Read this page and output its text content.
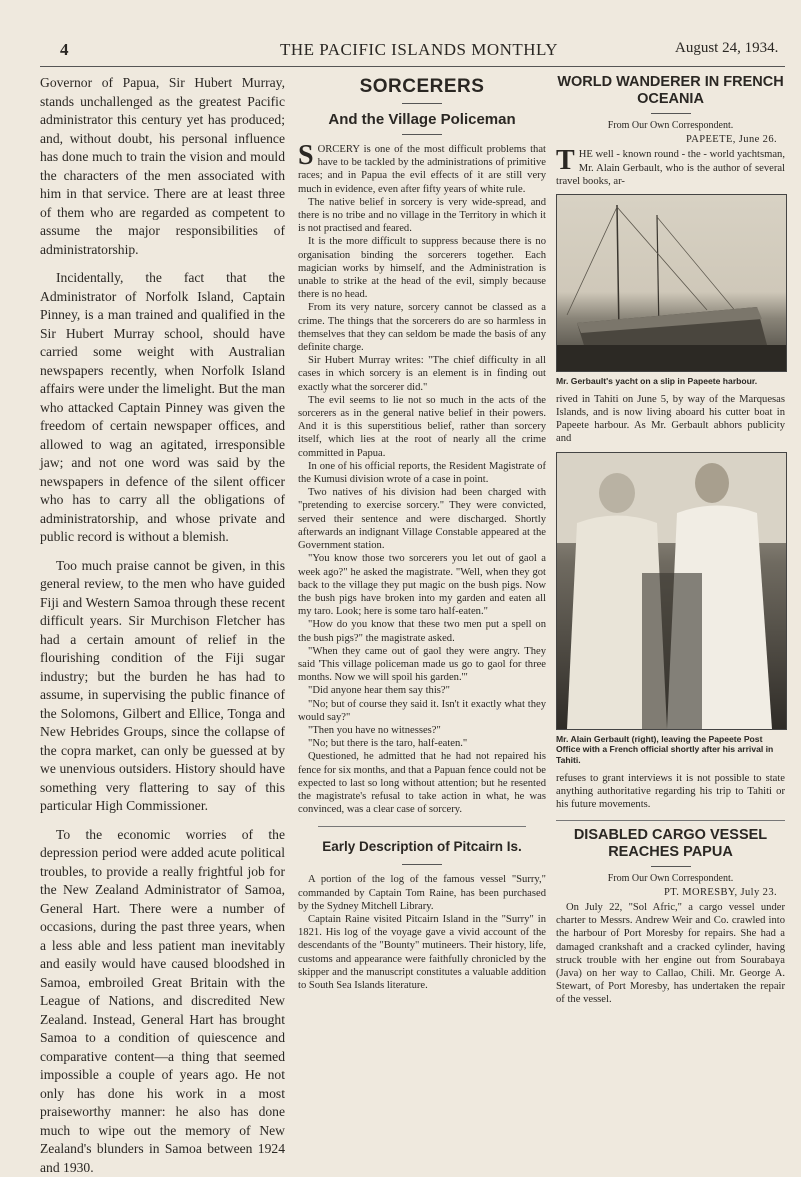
4	THE PACIFIC ISLANDS MONTHLY	August 24, 1934.

Governor of Papua, Sir Hubert Murray, stands unchallenged as the greatest Pacific administrator this century yet has produced; and, without doubt, his personal influence has done much to train the vision and mould the characters of the men associated with him in that service. There are at least three of them who are regarded as competent to assume the major responsibilities of administratorship.

Incidentally, the fact that the Administrator of Norfolk Island, Captain Pinney, is a man trained and qualified in the Sir Hubert Murray school, should have carried some weight with Australian newspapers recently, when Norfolk Island affairs were under the limelight. But the man who attacked Captain Pinney was given the freedom of certain newspaper offices, and allowed to wag an agitated, irresponsible jaw; and not one word was said by the newspapers in defence of the silent officer who has to carry all the obligations of administratorship, and whose private and public record is without a blemish.

Too much praise cannot be given, in this general review, to the men who have guided Fiji and Western Samoa through these recent difficult years. Sir Murchison Fletcher has had a certain amount of relief in the flourishing condition of the Fiji sugar industry; but the burden he has had to assume, in supervising the public finance of the Solomons, Gilbert and Ellice, Tonga and New Hebrides Groups, since the collapse of the copra market, can only be guessed at by we unenvious outsiders. History should have something very flattering to say of this particular High Commissioner.

To the economic worries of the depression period were added acute political troubles, to provide a really frightful job for the New Zealand Administrator of Samoa, General Hart. There were a number of occasions, during the past three years, when a less able and less patient man inevitably and easily would have caused bloodshed in Samoa, embroiled Great Britain with the League of Nations, and discredited New Zealand. Instead, General Hart has brought Samoa to a condition of quiescence and comparative content—a thing that seemed impossible a couple of years ago. He not only has done his work in a most praiseworthy manner: he also has done much to wipe out the memory of New Zealand's blunders in Samoa between 1924 and 1930.

SORCERERS
And the Village Policeman

SORCERY is one of the most difficult problems that have to be tackled by the administrations of primitive races; and in Papua the evil effects of it are still very much in evidence, even after fifty years of white rule.

The native belief in sorcery is very wide-spread, and there is no tribe and no village in the Territory in which it is not practised and feared.

It is the more difficult to suppress because there is no organisation binding the sorcerers together. Each magician works by himself, and the Administration is unable to strike at the head of the evil, simply because there is no head.

From its very nature, sorcery cannot be classed as a crime. The things that the sorcerers do are so harmless in themselves that they can seldom be made the basis of any definite charge.

Sir Hubert Murray writes: "The chief difficulty in all cases in which sorcery is an element is in finding out exactly what the sorcerer did."

The evil seems to lie not so much in the acts of the sorcerers as in the general native belief in their powers. And it is this superstitious belief, rather than sorcery itself, which lies at the root of nearly all the crime committed in Papua.

In one of his official reports, the Resident Magistrate of the Kumusi division wrote of a case in point.

Two natives of his division had been charged with "pretending to exercise sorcery." They were convicted, served their sentence and were discharged. Shortly afterwards an indignant Village Constable appeared at the Government station.

"You know those two sorcerers you let out of gaol a week ago?" he asked the magistrate. "Well, when they got back to the village they put magic on the bush pigs. Now the bush pigs have broken into my garden and eaten all my taro. Look; here is some taro half-eaten."

"How do you know that these two men put a spell on the bush pigs?" the magistrate asked.

"When they came out of gaol they were angry. They said 'This village policeman made us go to gaol for three months. Now we will spoil his garden.'"

"Did anyone hear them say this?"

"No; but of course they said it. Isn't it exactly what they would say?"

"Then you have no witnesses?"

"No; but there is the taro, half-eaten."

Questioned, he admitted that he had not repaired his fence for six months, and that a Papuan fence could not be expected to last so long without attention; but he resented the magistrate's refusal to take action in what, he was convinced, was a clear case of sorcery.

Early Description of Pitcairn Is.

A portion of the log of the famous vessel "Surry," commanded by Captain Tom Raine, has been purchased by the Sydney Mitchell Library.

Captain Raine visited Pitcairn Island in the "Surry" in 1821. His log of the voyage gave a vivid account of the descendants of the "Bounty" mutineers. Their history, life, customs and appearance were faithfully chronicled by the skipper and the manuscript constitutes a valuable addition to South Sea Islands literature.

WORLD WANDERER IN FRENCH OCEANIA
From Our Own Correspondent.
PAPEETE, June 26.

THE well - known round - the - world yachtsman, Mr. Alain Gerbault, who is the author of several travel books, ar-

Mr. Gerbault's yacht on a slip in Papeete harbour.

rived in Tahiti on June 5, by way of the Marquesas Islands, and is now living aboard his cutter boat in Papeete harbour. As Mr. Gerbault abhors publicity and

Mr. Alain Gerbault (right), leaving the Papeete Post Office with a French official shortly after his arrival in Tahiti.

refuses to grant interviews it is not possible to state anything authoritative regarding his trip to Tahiti or his future movements.

DISABLED CARGO VESSEL REACHES PAPUA
From Our Own Correspondent.
PT. MORESBY, July 23.

On July 22, "Sol Afric," a cargo vessel under charter to Messrs. Andrew Weir and Co. crawled into the harbour of Port Moresby for repairs. She had a damaged crankshaft and a cracked cylinder, having struck trouble with her engine out from Sourabaya (Java) on her way to Callao, Chili. Mr. George A. Stewart, of Port Moresby, has undertaken the repair of the vessel.
